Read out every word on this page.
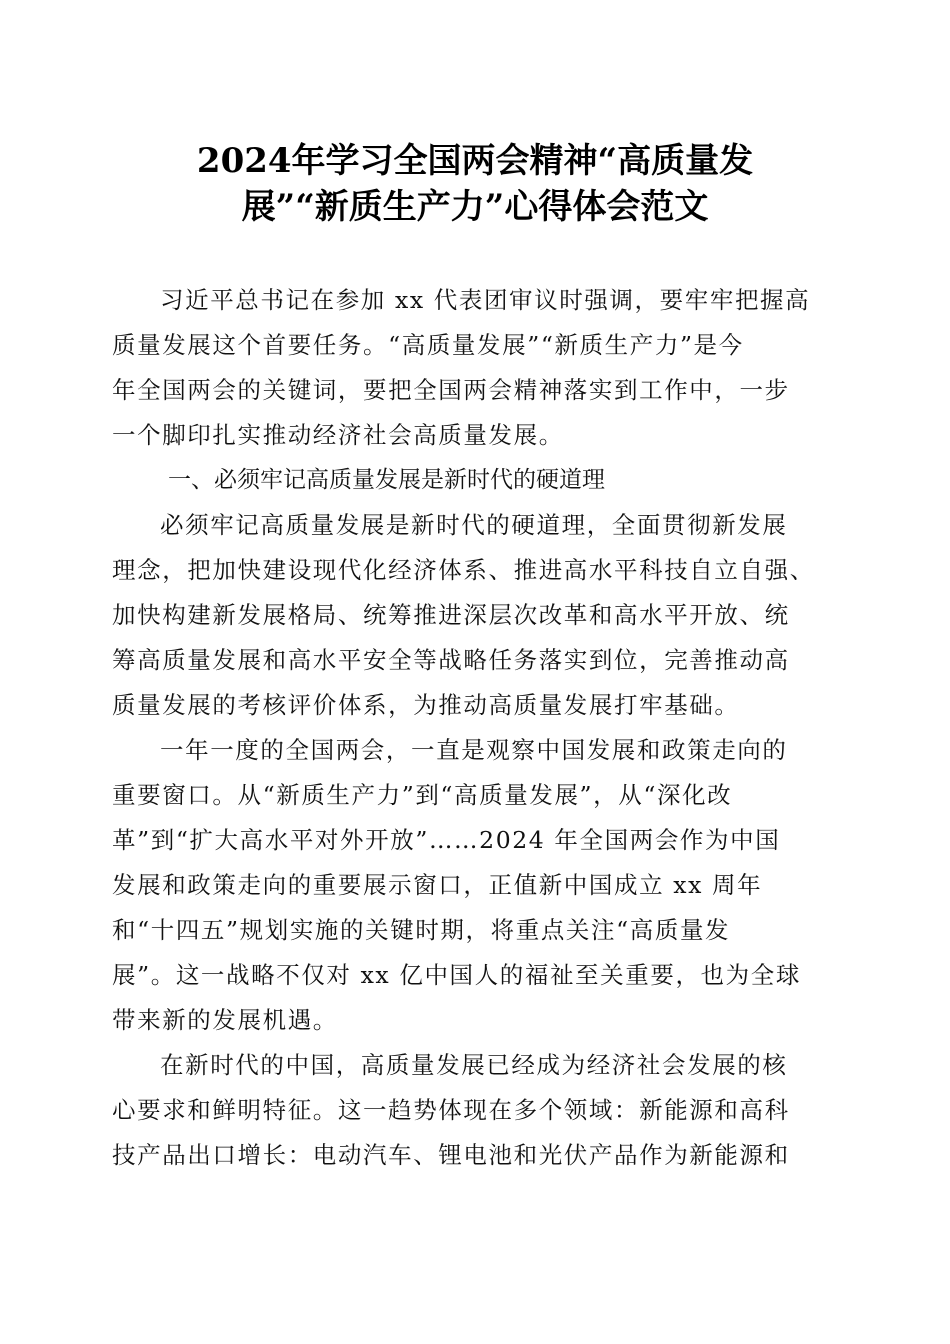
2024年学习全国两会精神“高质量发
展”“新质生产力”心得体会范文
习近平总书记在参加 xx 代表团审议时强调，要牢牢把握高
质量发展这个首要任务。“高质量发展”“新质生产力”是今
年全国两会的关键词，要把全国两会精神落实到工作中，一步
一个脚印扎实推动经济社会高质量发展。
一、必须牢记高质量发展是新时代的硬道理
必须牢记高质量发展是新时代的硬道理，全面贯彻新发展
理念，把加快建设现代化经济体系、推进高水平科技自立自强、
加快构建新发展格局、统筹推进深层次改革和高水平开放、统
筹高质量发展和高水平安全等战略任务落实到位，完善推动高
质量发展的考核评价体系，为推动高质量发展打牢基础。
一年一度的全国两会，一直是观察中国发展和政策走向的
重要窗口。从“新质生产力”到“高质量发展”，从“深化改
革”到“扩大高水平对外开放”……2024 年全国两会作为中国
发展和政策走向的重要展示窗口，正值新中国成立 xx 周年
和“十四五”规划实施的关键时期，将重点关注“高质量发
展”。这一战略不仅对 xx 亿中国人的福祉至关重要，也为全球
带来新的发展机遇。
在新时代的中国，高质量发展已经成为经济社会发展的核
心要求和鲜明特征。这一趋势体现在多个领域：新能源和高科
技产品出口增长：电动汽车、锂电池和光伏产品作为新能源和
